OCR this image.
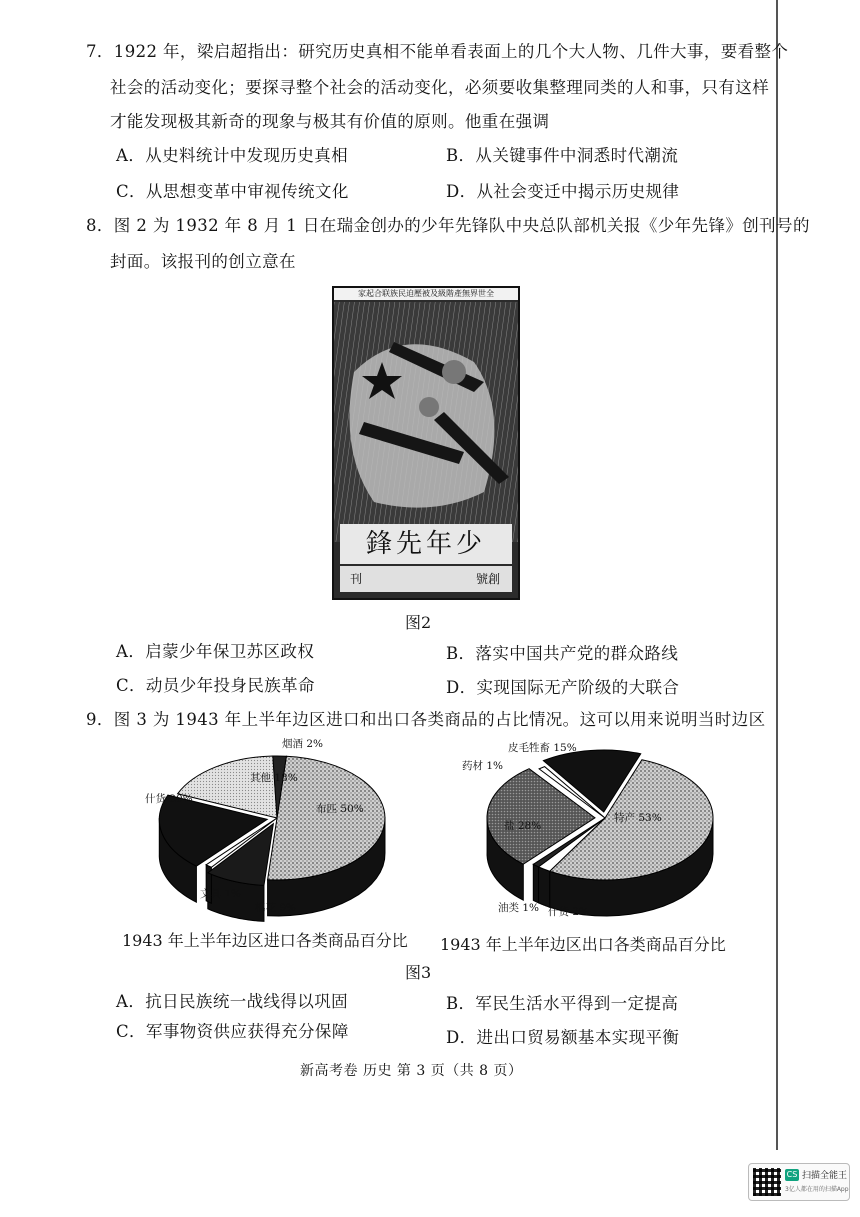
7．1922 年，梁启超指出：研究历史真相不能单看表面上的几个大人物、几件大事，要看整个
社会的活动变化；要探寻整个社会的活动变化，必须要收集整理同类的人和事，只有这样
才能发现极其新奇的现象与极其有价值的原则。他重在强调
A．从史料统计中发现历史真相	B．从关键事件中洞悉时代潮流
C．从思想变革中审视传统文化	D．从社会变迁中揭示历史规律
8．图 2 为 1932 年 8 月 1 日在瑞金创办的少年先锋队中央总队部机关报《少年先锋》创刊号的
封面。该报刊的创立意在
家起合联族民迫壓被及級階產無界世全
鋒先年少
刊	號創
图2
A．启蒙少年保卫苏区政权	B．落实中国共产党的群众路线
C．动员少年投身民族革命	D．实现国际无产阶级的大联合
9．图 3 为 1943 年上半年边区进口和出口各类商品的占比情况。这可以用来说明当时边区
烟酒 2%
其他 18%
什货 20%
布匹 50%
文具 1%
棉花 9%
皮毛牲畜 15%
药材 1%
盐 28%
特产 53%
油类 1% 什货 2%
1943 年上半年边区进口各类商品百分比 1943 年上半年边区出口各类商品百分比
图3
A．抗日民族统一战线得以巩固	B．军民生活水平得到一定提高
C．军事物资供应获得充分保障	D．进出口贸易额基本实现平衡
新高考卷 历史 第 3 页（共 8 页）
CS 扫描全能王
3亿人都在用的扫描App
